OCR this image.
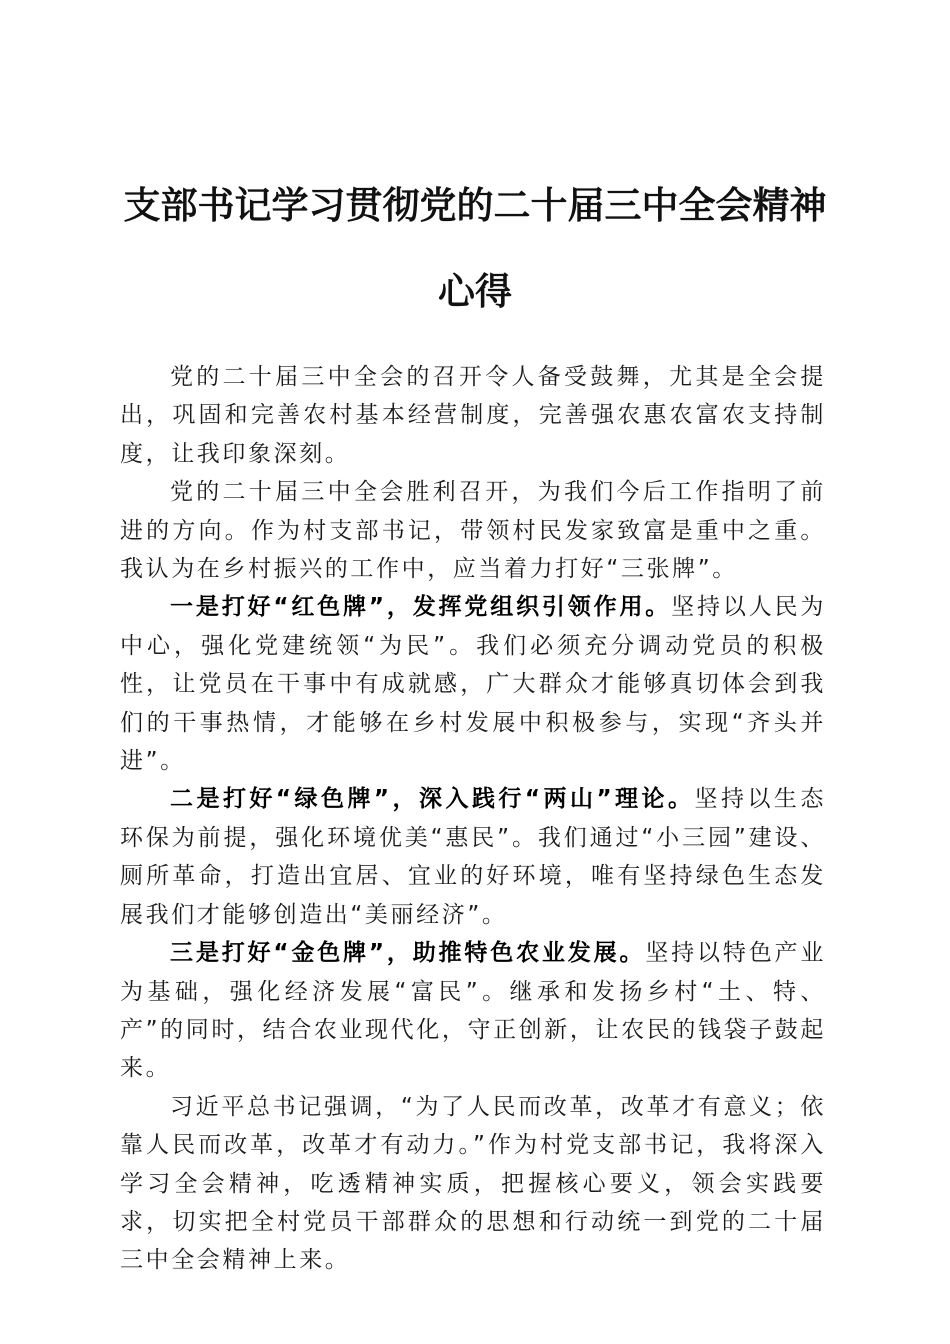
支部书记学习贯彻党的二十届三中全会精神心得

党的二十届三中全会的召开令人备受鼓舞，尤其是全会提出，巩固和完善农村基本经营制度，完善强农惠农富农支持制度，让我印象深刻。

党的二十届三中全会胜利召开，为我们今后工作指明了前进的方向。作为村支部书记，带领村民发家致富是重中之重。我认为在乡村振兴的工作中，应当着力打好“三张牌”。

一是打好“红色牌”，发挥党组织引领作用。坚持以人民为中心，强化党建统领“为民”。我们必须充分调动党员的积极性，让党员在干事中有成就感，广大群众才能够真切体会到我们的干事热情，才能够在乡村发展中积极参与，实现“齐头并进”。

二是打好“绿色牌”，深入践行“两山”理论。坚持以生态环保为前提，强化环境优美“惠民”。我们通过“小三园”建设、厕所革命，打造出宜居、宜业的好环境，唯有坚持绿色生态发展我们才能够创造出“美丽经济”。

三是打好“金色牌”，助推特色农业发展。坚持以特色产业为基础，强化经济发展“富民”。继承和发扬乡村“土、特、产”的同时，结合农业现代化，守正创新，让农民的钱袋子鼓起来。

习近平总书记强调，“为了人民而改革，改革才有意义；依靠人民而改革，改革才有动力。”作为村党支部书记，我将深入学习全会精神，吃透精神实质，把握核心要义，领会实践要求，切实把全村党员干部群众的思想和行动统一到党的二十届三中全会精神上来。
